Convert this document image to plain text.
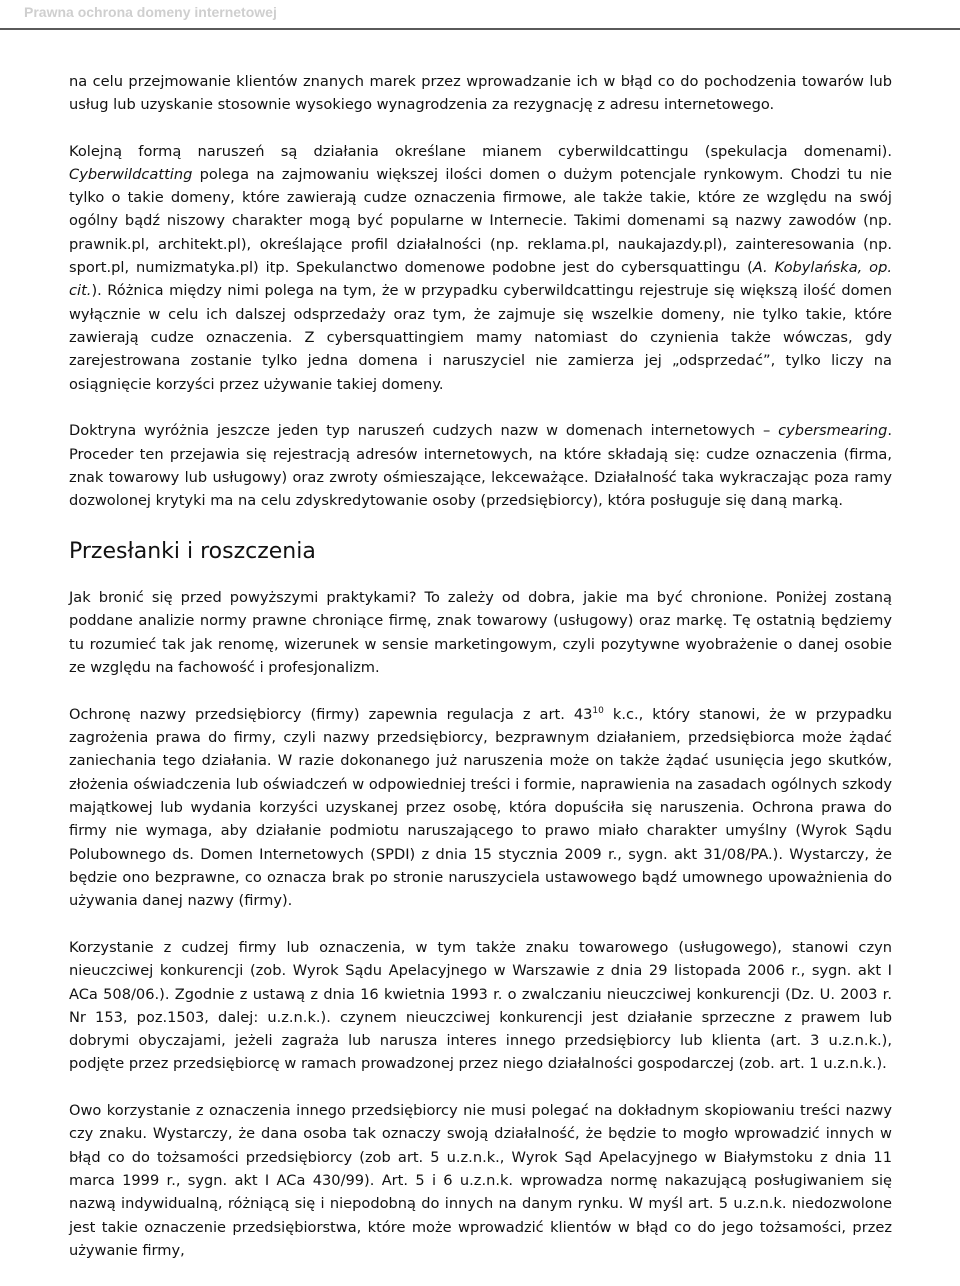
Prawna ochrona domeny internetowej

na celu przejmowanie klientów znanych marek przez wprowadzanie ich w błąd co do pochodzenia towarów lub usług lub uzyskanie stosownie wysokiego wynagrodzenia za rezygnację z adresu internetowego.

Kolejną formą naruszeń są działania określane mianem cyberwildcattingu (spekulacja domenami). Cyberwildcatting polega na zajmowaniu większej ilości domen o dużym potencjale rynkowym. Chodzi tu nie tylko o takie domeny, które zawierają cudze oznaczenia firmowe, ale także takie, które ze względu na swój ogólny bądź niszowy charakter mogą być popularne w Internecie. Takimi domenami są nazwy zawodów (np. prawnik.pl, architekt.pl), określające profil działalności (np. reklama.pl, naukajazdy.pl), zainteresowania (np. sport.pl, numizmatyka.pl) itp. Spekulanctwo domenowe podobne jest do cybersquattingu (A. Kobylańska, op. cit.). Różnica między nimi polega na tym, że w przypadku cyberwildcattingu rejestruje się większą ilość domen wyłącznie w celu ich dalszej odsprzedaży oraz tym, że zajmuje się wszelkie domeny, nie tylko takie, które zawierają cudze oznaczenia. Z cybersquattingiem mamy natomiast do czynienia także wówczas, gdy zarejestrowana zostanie tylko jedna domena i naruszyciel nie zamierza jej „odsprzedać”, tylko liczy na osiągnięcie korzyści przez używanie takiej domeny.

Doktryna wyróżnia jeszcze jeden typ naruszeń cudzych nazw w domenach internetowych – cybersmearing. Proceder ten przejawia się rejestracją adresów internetowych, na które składają się: cudze oznaczenia (firma, znak towarowy lub usługowy) oraz zwroty ośmieszające, lekceważące. Działalność taka wykraczając poza ramy dozwolonej krytyki ma na celu zdyskredytowanie osoby (przedsiębiorcy), która posługuje się daną marką.

Przesłanki i roszczenia

Jak bronić się przed powyższymi praktykami? To zależy od dobra, jakie ma być chronione. Poniżej zostaną poddane analizie normy prawne chroniące firmę, znak towarowy (usługowy) oraz markę. Tę ostatnią będziemy tu rozumieć tak jak renomę, wizerunek w sensie marketingowym, czyli pozytywne wyobrażenie o danej osobie ze względu na fachowość i profesjonalizm.

Ochronę nazwy przedsiębiorcy (firmy) zapewnia regulacja z art. $43^{10}$ k.c., który stanowi, że w przypadku zagrożenia prawa do firmy, czyli nazwy przedsiębiorcy, bezprawnym działaniem, przedsiębiorca może żądać zaniechania tego działania. W razie dokonanego już naruszenia może on także żądać usunięcia jego skutków, złożenia oświadczenia lub oświadczeń w odpowiedniej treści i formie, naprawienia na zasadach ogólnych szkody majątkowej lub wydania korzyści uzyskanej przez osobę, która dopuściła się naruszenia. Ochrona prawa do firmy nie wymaga, aby działanie podmiotu naruszającego to prawo miało charakter umyślny (Wyrok Sądu Polubownego ds. Domen Internetowych (SPDI) z dnia 15 stycznia 2009 r., sygn. akt 31/08/PA.). Wystarczy, że będzie ono bezprawne, co oznacza brak po stronie naruszyciela ustawowego bądź umownego upoważnienia do używania danej nazwy (firmy).

Korzystanie z cudzej firmy lub oznaczenia, w tym także znaku towarowego (usługowego), stanowi czyn nieuczciwej konkurencji (zob. Wyrok Sądu Apelacyjnego w Warszawie z dnia 29 listopada 2006 r., sygn. akt I ACa 508/06.). Zgodnie z ustawą z dnia 16 kwietnia 1993 r. o zwalczaniu nieuczciwej konkurencji (Dz. U. 2003 r. Nr 153, poz.1503, dalej: u.z.n.k.). czynem nieuczciwej konkurencji jest działanie sprzeczne z prawem lub dobrymi obyczajami, jeżeli zagraża lub narusza interes innego przedsiębiorcy lub klienta (art. 3 u.z.n.k.), podjęte przez przedsiębiorcę w ramach prowadzonej przez niego działalności gospodarczej (zob. art. 1 u.z.n.k.).

Owo korzystanie z oznaczenia innego przedsiębiorcy nie musi polegać na dokładnym skopiowaniu treści nazwy czy znaku. Wystarczy, że dana osoba tak oznaczy swoją działalność, że będzie to mogło wprowadzić innych w błąd co do tożsamości przedsiębiorcy (zob art. 5 u.z.n.k., Wyrok Sąd Apelacyjnego w Białymstoku z dnia 11 marca 1999 r., sygn. akt I ACa 430/99). Art. 5 i 6 u.z.n.k. wprowadza normę nakazującą posługiwaniem się nazwą indywidualną, różniącą się i niepodobną do innych na danym rynku. W myśl art. 5 u.z.n.k. niedozwolone jest takie oznaczenie przedsiębiorstwa, które może wprowadzić klientów w błąd co do jego tożsamości, przez używanie firmy,
